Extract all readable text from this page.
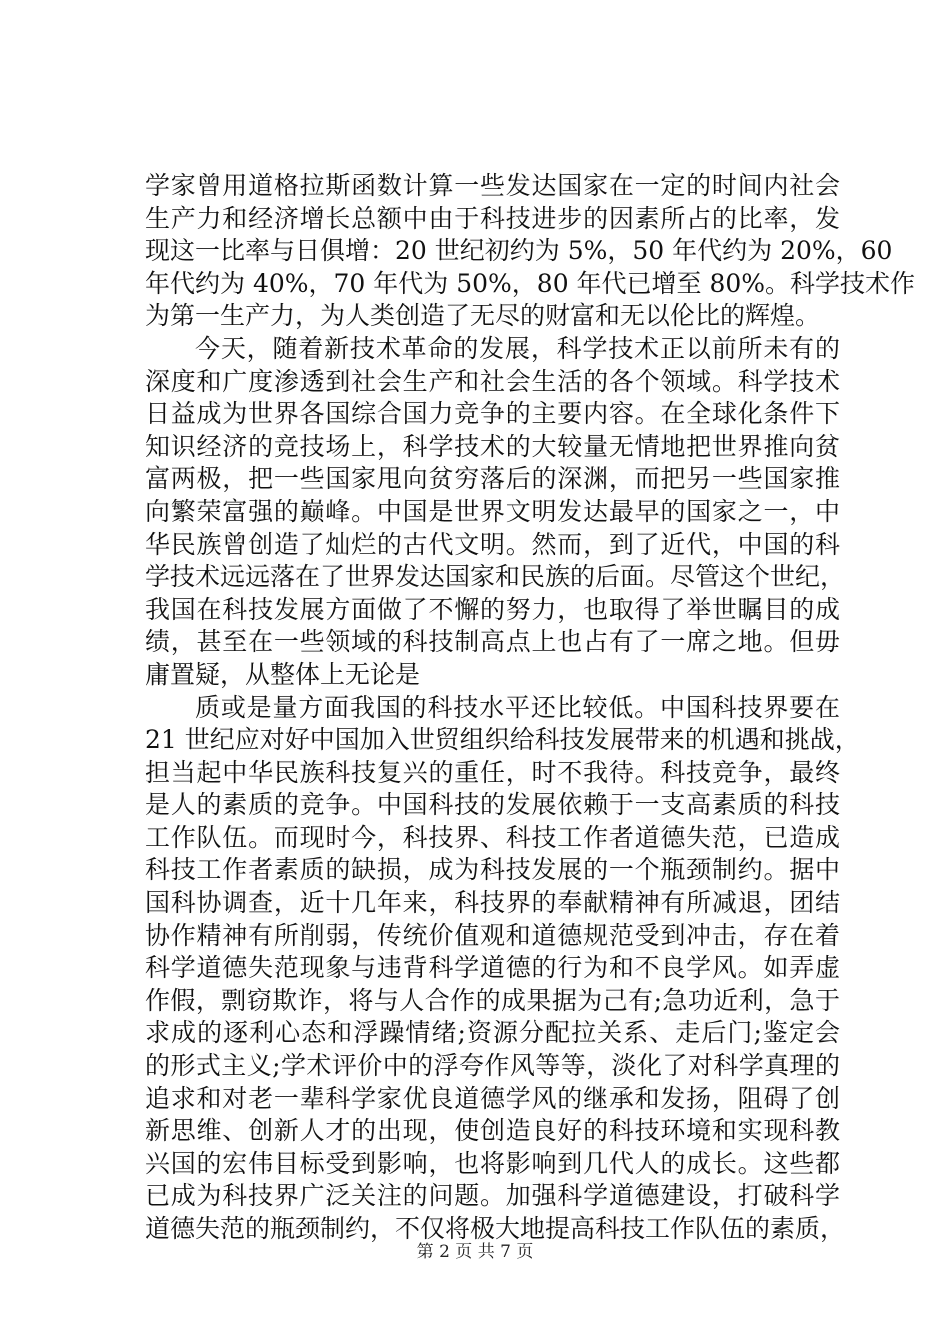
学家曾用道格拉斯函数计算一些发达国家在一定的时间内社会
生产力和经济增长总额中由于科技进步的因素所占的比率，发
现这一比率与日俱增：20 世纪初约为 5%，50 年代约为 20%，60
年代约为 40%，70 年代为 50%，80 年代已增至 80%。科学技术作
为第一生产力，为人类创造了无尽的财富和无以伦比的辉煌。
今天，随着新技术革命的发展，科学技术正以前所未有的
深度和广度渗透到社会生产和社会生活的各个领域。科学技术
日益成为世界各国综合国力竞争的主要内容。在全球化条件下
知识经济的竞技场上，科学技术的大较量无情地把世界推向贫
富两极，把一些国家甩向贫穷落后的深渊，而把另一些国家推
向繁荣富强的巅峰。中国是世界文明发达最早的国家之一，中
华民族曾创造了灿烂的古代文明。然而，到了近代，中国的科
学技术远远落在了世界发达国家和民族的后面。尽管这个世纪，
我国在科技发展方面做了不懈的努力，也取得了举世瞩目的成
绩，甚至在一些领域的科技制高点上也占有了一席之地。但毋
庸置疑，从整体上无论是
质或是量方面我国的科技水平还比较低。中国科技界要在
21 世纪应对好中国加入世贸组织给科技发展带来的机遇和挑战，
担当起中华民族科技复兴的重任，时不我待。科技竞争，最终
是人的素质的竞争。中国科技的发展依赖于一支高素质的科技
工作队伍。而现时今，科技界、科技工作者道德失范，已造成
科技工作者素质的缺损，成为科技发展的一个瓶颈制约。据中
国科协调查，近十几年来，科技界的奉献精神有所减退，团结
协作精神有所削弱，传统价值观和道德规范受到冲击，存在着
科学道德失范现象与违背科学道德的行为和不良学风。如弄虚
作假，剽窃欺诈，将与人合作的成果据为己有;急功近利，急于
求成的逐利心态和浮躁情绪;资源分配拉关系、走后门;鉴定会
的形式主义;学术评价中的浮夸作风等等，淡化了对科学真理的
追求和对老一辈科学家优良道德学风的继承和发扬，阻碍了创
新思维、创新人才的出现，使创造良好的科技环境和实现科教
兴国的宏伟目标受到影响，也将影响到几代人的成长。这些都
已成为科技界广泛关注的问题。加强科学道德建设，打破科学
道德失范的瓶颈制约，不仅将极大地提高科技工作队伍的素质，
第 2 页 共 7 页
